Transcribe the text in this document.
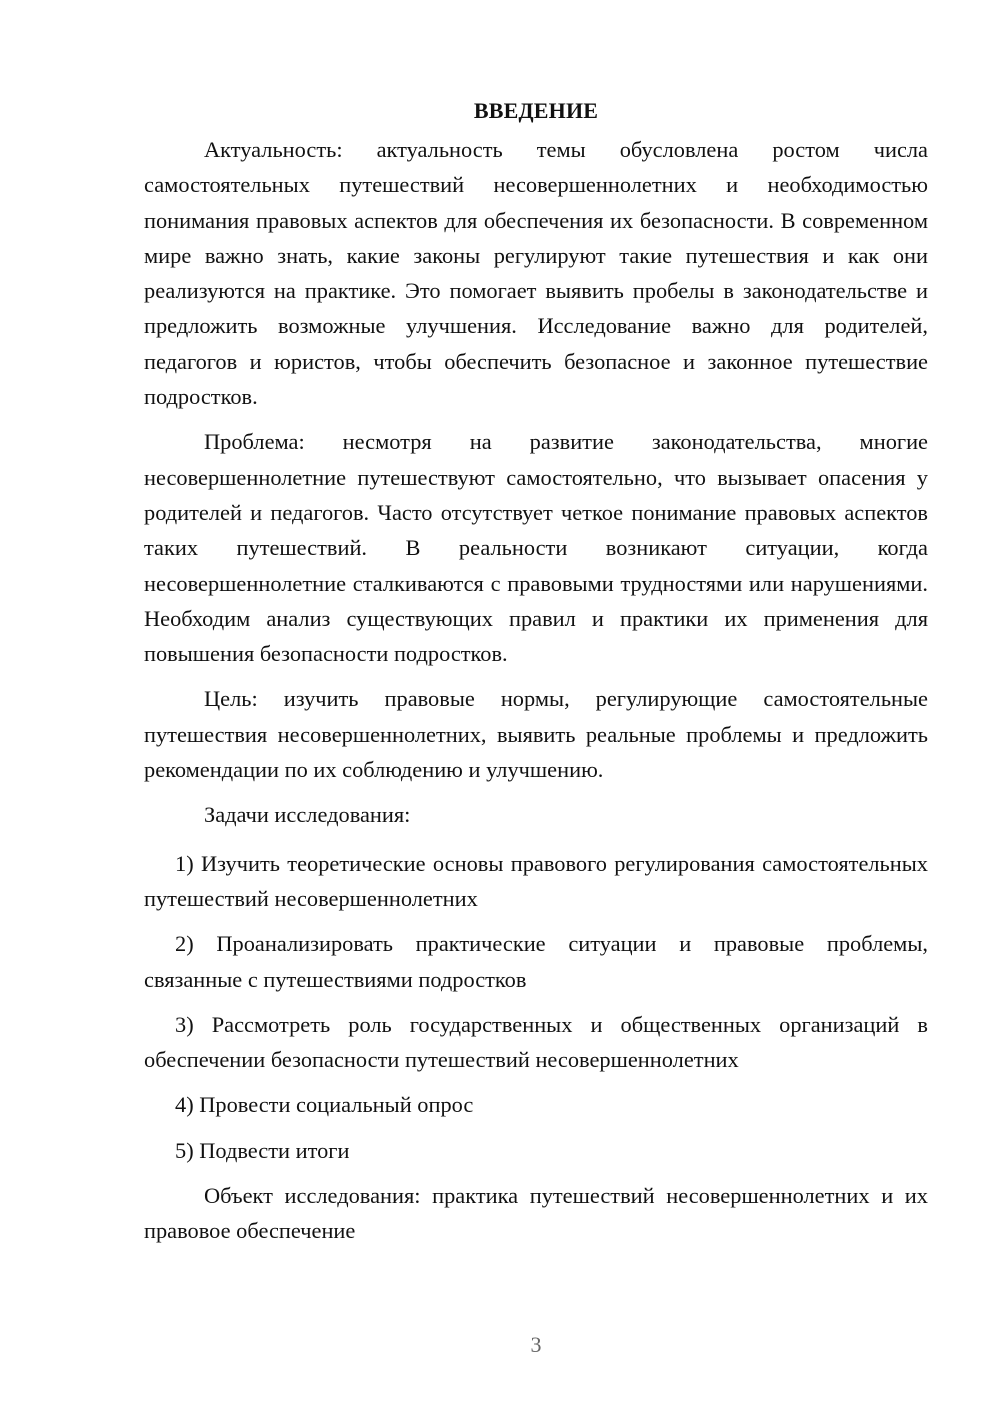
ВВЕДЕНИЕ

Актуальность: актуальность темы обусловлена ростом числа самостоятельных путешествий несовершеннолетних и необходимостью понимания правовых аспектов для обеспечения их безопасности. В современном мире важно знать, какие законы регулируют такие путешествия и как они реализуются на практике. Это помогает выявить пробелы в законодательстве и предложить возможные улучшения. Исследование важно для родителей, педагогов и юристов, чтобы обеспечить безопасное и законное путешествие подростков.

Проблема: несмотря на развитие законодательства, многие несовершеннолетние путешествуют самостоятельно, что вызывает опасения у родителей и педагогов. Часто отсутствует четкое понимание правовых аспектов таких путешествий. В реальности возникают ситуации, когда несовершеннолетние сталкиваются с правовыми трудностями или нарушениями. Необходим анализ существующих правил и практики их применения для повышения безопасности подростков.

Цель: изучить правовые нормы, регулирующие самостоятельные путешествия несовершеннолетних, выявить реальные проблемы и предложить рекомендации по их соблюдению и улучшению.

Задачи исследования:

1) Изучить теоретические основы правового регулирования самостоятельных путешествий несовершеннолетних

2) Проанализировать практические ситуации и правовые проблемы, связанные с путешествиями подростков

3) Рассмотреть роль государственных и общественных организаций в обеспечении безопасности путешествий несовершеннолетних

4) Провести социальный опрос

5) Подвести итоги

Объект исследования: практика путешествий несовершеннолетних и их правовое обеспечение

3
